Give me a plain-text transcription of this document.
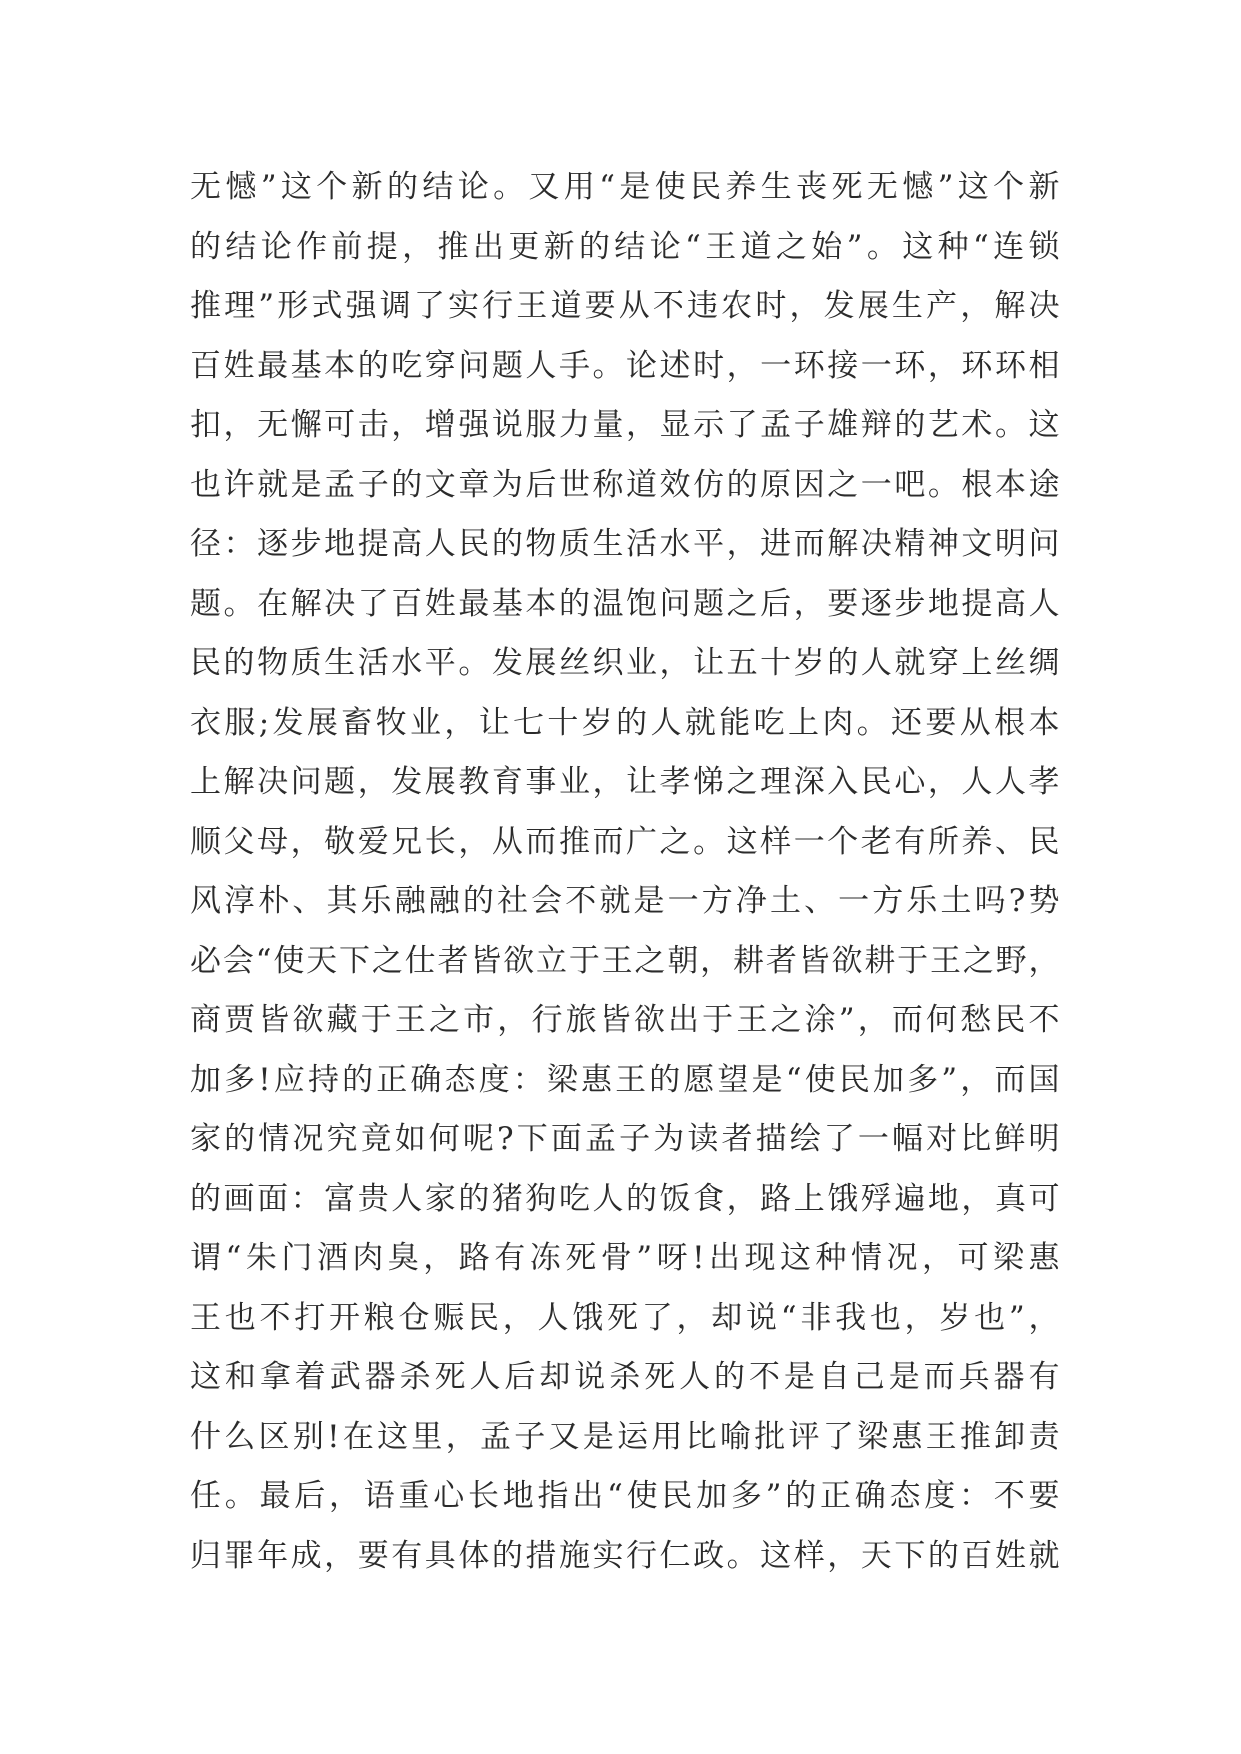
无憾”这个新的结论。又用“是使民养生丧死无憾”这个新
的结论作前提，推出更新的结论“王道之始”。这种“连锁
推理”形式强调了实行王道要从不违农时，发展生产，解决
百姓最基本的吃穿问题人手。论述时，一环接一环，环环相
扣，无懈可击，增强说服力量，显示了孟子雄辩的艺术。这
也许就是孟子的文章为后世称道效仿的原因之一吧。根本途
径：逐步地提高人民的物质生活水平，进而解决精神文明问
题。在解决了百姓最基本的温饱问题之后，要逐步地提高人
民的物质生活水平。发展丝织业，让五十岁的人就穿上丝绸
衣服;发展畜牧业，让七十岁的人就能吃上肉。还要从根本
上解决问题，发展教育事业，让孝悌之理深入民心，人人孝
顺父母，敬爱兄长，从而推而广之。这样一个老有所养、民
风淳朴、其乐融融的社会不就是一方净土、一方乐土吗?势
必会“使天下之仕者皆欲立于王之朝，耕者皆欲耕于王之野，
商贾皆欲藏于王之市，行旅皆欲出于王之涂”，而何愁民不
加多!应持的正确态度：梁惠王的愿望是“使民加多”，而国
家的情况究竟如何呢?下面孟子为读者描绘了一幅对比鲜明
的画面：富贵人家的猪狗吃人的饭食，路上饿殍遍地，真可
谓“朱门酒肉臭，路有冻死骨”呀!出现这种情况，可梁惠
王也不打开粮仓赈民，人饿死了，却说“非我也，岁也”，
这和拿着武器杀死人后却说杀死人的不是自己是而兵器有
什么区别!在这里，孟子又是运用比喻批评了梁惠王推卸责
任。最后，语重心长地指出“使民加多”的正确态度：不要
归罪年成，要有具体的措施实行仁政。这样，天下的百姓就
